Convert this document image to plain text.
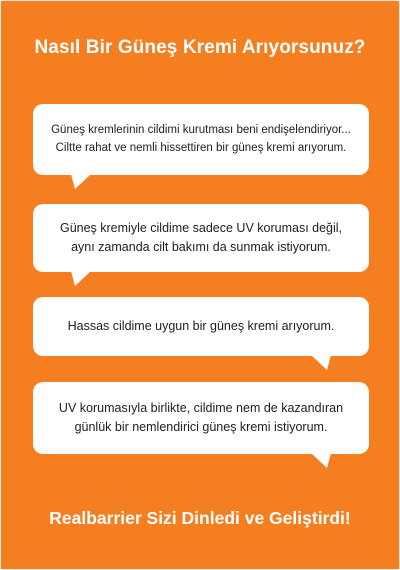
Nasıl Bir Güneş Kremi Arıyorsunuz?
Güneş kremlerinin cildimi kurutması beni endişelendiriyor...
Ciltte rahat ve nemli hissettiren bir güneş kremi arıyorum.
Güneş kremiyle cildime sadece UV koruması değil,
aynı zamanda cilt bakımı da sunmak istiyorum.
Hassas cildime uygun bir güneş kremi arıyorum.
UV korumasıyla birlikte, cildime nem de kazandıran
günlük bir nemlendirici güneş kremi istiyorum.
Realbarrier Sizi Dinledi ve Geliştirdi!
